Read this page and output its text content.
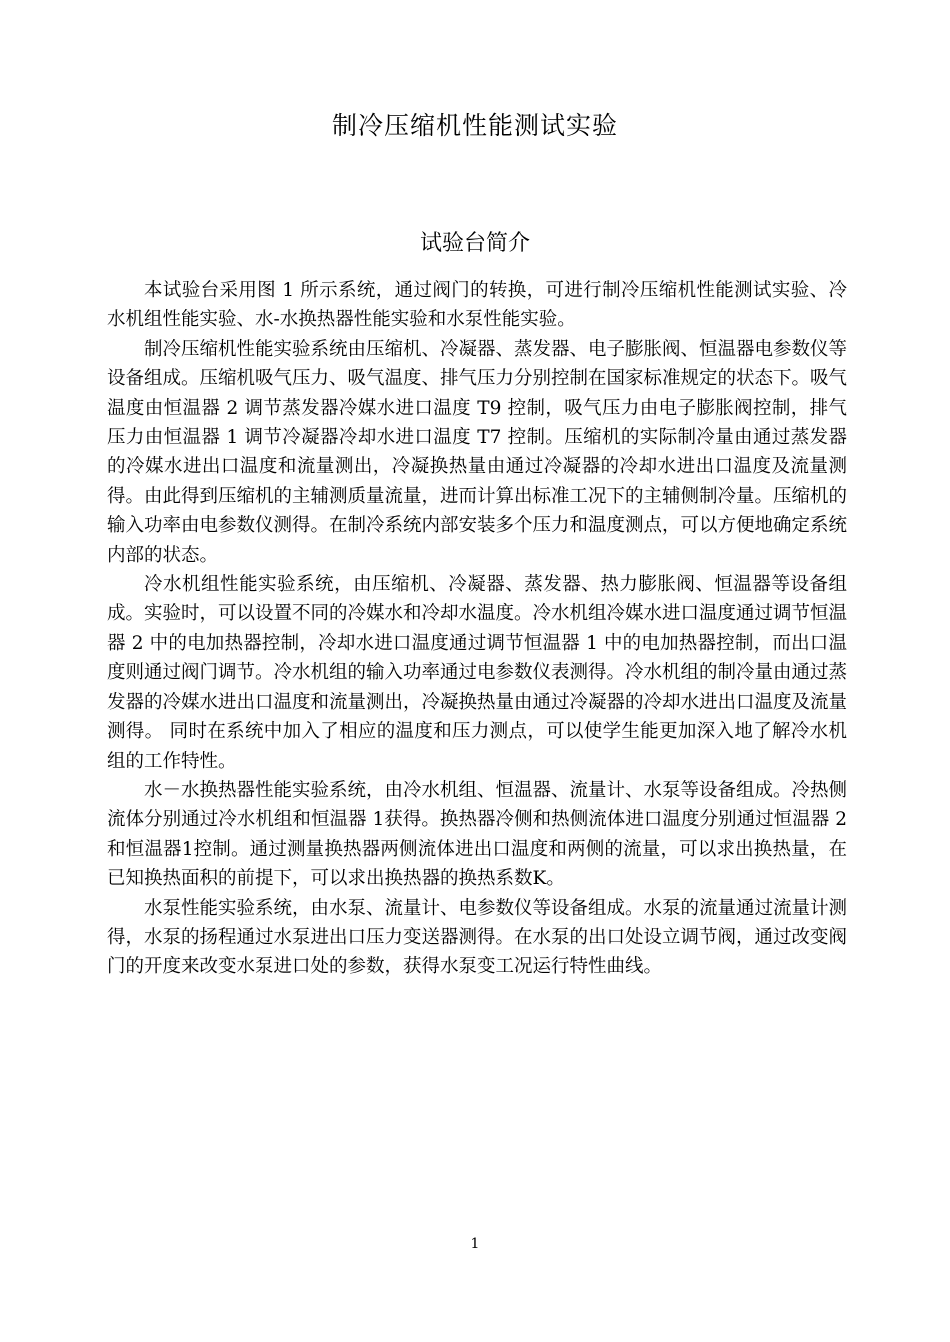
制冷压缩机性能测试实验
试验台简介

本试验台采用图 1 所示系统，通过阀门的转换，可进行制冷压缩机性能测试实验、冷水机组性能实验、水-水换热器性能实验和水泵性能实验。

制冷压缩机性能实验系统由压缩机、冷凝器、蒸发器、电子膨胀阀、恒温器电参数仪等设备组成。压缩机吸气压力、吸气温度、排气压力分别控制在国家标准规定的状态下。吸气温度由恒温器 2 调节蒸发器冷媒水进口温度 T9 控制，吸气压力由电子膨胀阀控制，排气压力由恒温器 1 调节冷凝器冷却水进口温度 T7 控制。压缩机的实际制冷量由通过蒸发器的冷媒水进出口温度和流量测出，冷凝换热量由通过冷凝器的冷却水进出口温度及流量测得。由此得到压缩机的主辅测质量流量，进而计算出标准工况下的主辅侧制冷量。压缩机的输入功率由电参数仪测得。在制冷系统内部安装多个压力和温度测点，可以方便地确定系统内部的状态。

冷水机组性能实验系统，由压缩机、冷凝器、蒸发器、热力膨胀阀、恒温器等设备组成。实验时，可以设置不同的冷媒水和冷却水温度。冷水机组冷媒水进口温度通过调节恒温器 2 中的电加热器控制，冷却水进口温度通过调节恒温器 1 中的电加热器控制，而出口温度则通过阀门调节。冷水机组的输入功率通过电参数仪表测得。冷水机组的制冷量由通过蒸发器的冷媒水进出口温度和流量测出，冷凝换热量由通过冷凝器的冷却水进出口温度及流量测得。 同时在系统中加入了相应的温度和压力测点，可以使学生能更加深入地了解冷水机组的工作特性。

水－水换热器性能实验系统，由冷水机组、恒温器、流量计、水泵等设备组成。冷热侧流体分别通过冷水机组和恒温器 1获得。换热器冷侧和热侧流体进口温度分别通过恒温器 2和恒温器1控制。通过测量换热器两侧流体进出口温度和两侧的流量，可以求出换热量，在已知换热面积的前提下，可以求出换热器的换热系数K。

水泵性能实验系统，由水泵、流量计、电参数仪等设备组成。水泵的流量通过流量计测得，水泵的扬程通过水泵进出口压力变送器测得。在水泵的出口处设立调节阀，通过改变阀门的开度来改变水泵进口处的参数，获得水泵变工况运行特性曲线。

1
